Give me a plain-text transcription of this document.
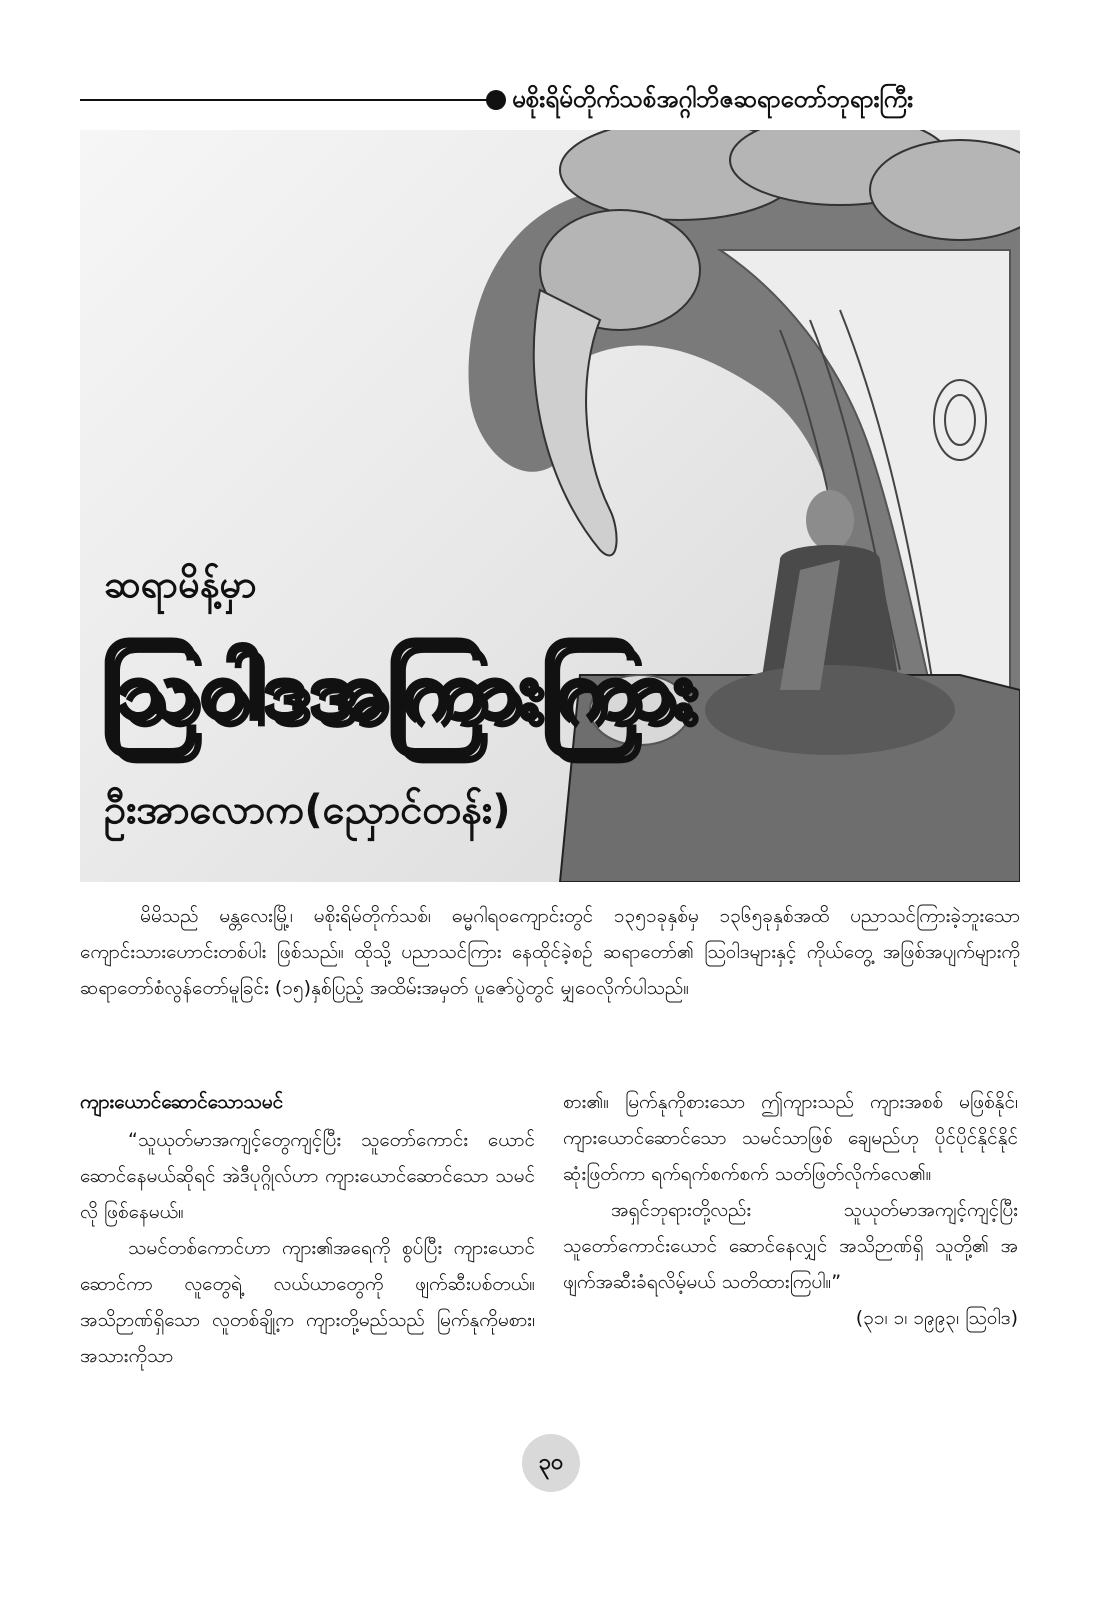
မစိုးရိမ်တိုက်သစ်အဂ္ဂါဘိဇဆရာတော်ဘုရားကြီး
ဆရာမိန့်မှာ
ဩဝါဒအကြားကြား
ဦးအာလောက(ညှောင်တန်း)

မိမိသည် မန္တလေးမြို့၊ မစိုးရိမ်တိုက်သစ်၊ ဓမ္မဂါရဝကျောင်းတွင် ၁၃၅၁ခုနှစ်မှ ၁၃၆၅ခုနှစ်အထိ ပညာသင်ကြားခဲ့ဘူးသော ကျောင်းသားဟောင်းတစ်ပါး ဖြစ်သည်။ ထိုသို့ ပညာသင်ကြား နေထိုင်ခဲ့စဉ် ဆရာတော်၏ ဩဝါဒများနှင့် ကိုယ်တွေ့ အဖြစ်အပျက်များကို ဆရာတော်စံလွန်တော်မူခြင်း (၁၅)နှစ်ပြည့် အထိမ်းအမှတ် ပူဇော်ပွဲတွင် မျှဝေလိုက်ပါသည်။

ကျားယောင်ဆောင်သောသမင်

“သူယုတ်မာအကျင့်တွေကျင့်ပြီး သူတော်ကောင်း ယောင် ဆောင်နေမယ်ဆိုရင် အဲဒီပုဂ္ဂိုလ်ဟာ ကျားယောင်ဆောင်သော သမင်လို ဖြစ်နေမယ်။

သမင်တစ်ကောင်ဟာ ကျား၏အရေကို စွပ်ပြီး ကျားယောင်ဆောင်ကာ လူတွေရဲ့ လယ်ယာတွေကို ဖျက်ဆီးပစ်တယ်။ အသိဉာဏ်ရှိသော လူတစ်ချို့က ကျားတို့မည်သည် မြက်နုကိုမစား၊ အသားကိုသာ

စား၏။ မြက်နုကိုစားသော ဤကျားသည် ကျားအစစ် မဖြစ်နိုင်၊ ကျားယောင်ဆောင်သော သမင်သာဖြစ် ချေမည်ဟု ပိုင်ပိုင်နိုင်နိုင် ဆုံးဖြတ်ကာ ရက်ရက်စက်စက် သတ်ဖြတ်လိုက်လေ၏။

အရှင်ဘုရားတို့လည်း သူယုတ်မာအကျင့်ကျင့်ပြီး သူတော်ကောင်းယောင် ဆောင်နေလျှင် အသိဉာဏ်ရှိ သူတို့၏ အဖျက်အဆီးခံရလိမ့်မယ် သတိထားကြပါ။”

(၃၁၊ ၁၊ ၁၉၉၃၊ ဩဝါဒ)

၃၀
